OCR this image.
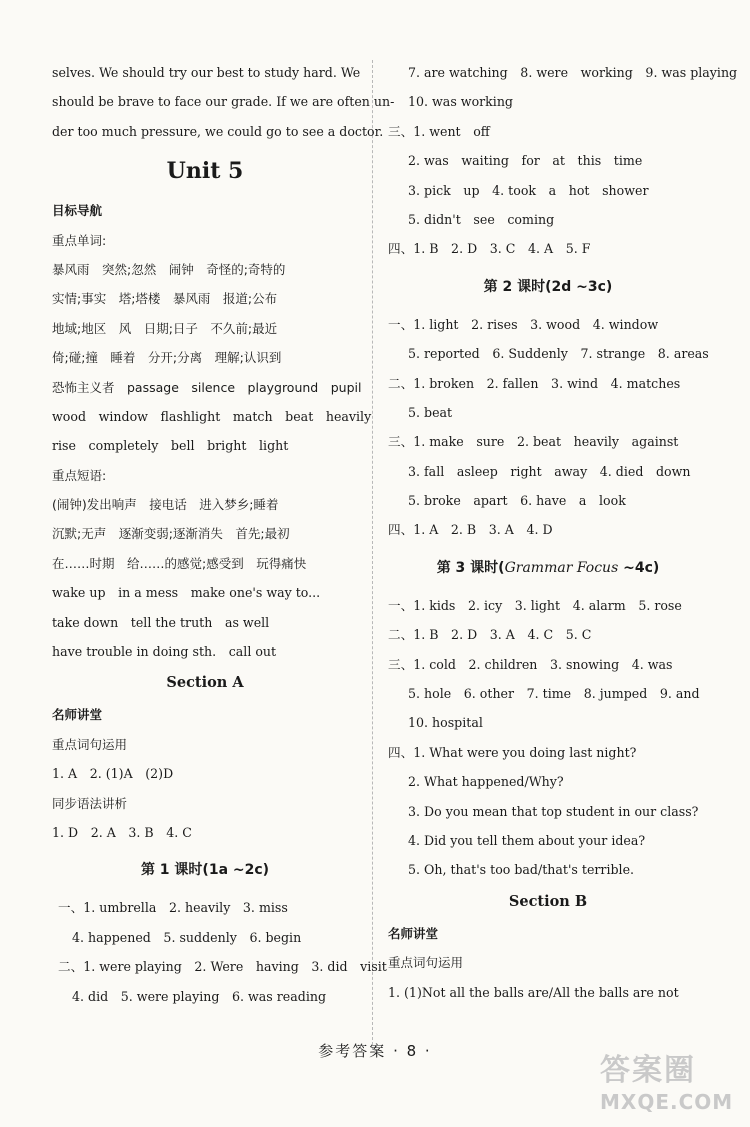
selves. We should try our best to study hard. We
should be brave to face our grade. If we are often un-
der too much pressure, we could go to see a doctor.
Unit 5
目标导航
重点单词:
暴风雨　突然;忽然　闹钟　奇怪的;奇特的
实情;事实　塔;塔楼　暴风雨　报道;公布
地域;地区　风　日期;日子　不久前;最近
倚;碰;撞　睡着　分开;分离　理解;认识到
恐怖主义者　passage　silence　playground　pupil
wood　window　flashlight　match　beat　heavily
rise　completely　bell　bright　light
重点短语:
(闹钟)发出响声　接电话　进入梦乡;睡着
沉默;无声　逐渐变弱;逐渐消失　首先;最初
在……时期　给……的感觉;感受到　玩得痛快
wake up　in a mess　make one's way to...
take down　tell the truth　as well
have trouble in doing sth.　call out
Section A
名师讲堂
重点词句运用
1. A　2. (1)A　(2)D
同步语法讲析
1. D　2. A　3. B　4. C
第 1 课时(1a ~2c)
一、1. umbrella　2. heavily　3. miss
4. happened　5. suddenly　6. begin
二、1. were playing　2. Were　having　3. did　visit
4. did　5. were playing　6. was reading
7. are watching　8. were　working　9. was playing
10. was working
三、1. went　off
2. was　waiting　for　at　this　time
3. pick　up　4. took　a　hot　shower
5. didn't　see　coming
四、1. B　2. D　3. C　4. A　5. F
第 2 课时(2d ~3c)
一、1. light　2. rises　3. wood　4. window
5. reported　6. Suddenly　7. strange　8. areas
二、1. broken　2. fallen　3. wind　4. matches
5. beat
三、1. make　sure　2. beat　heavily　against
3. fall　asleep　right　away　4. died　down
5. broke　apart　6. have　a　look
四、1. A　2. B　3. A　4. D
第 3 课时(Grammar Focus ~4c)
一、1. kids　2. icy　3. light　4. alarm　5. rose
二、1. B　2. D　3. A　4. C　5. C
三、1. cold　2. children　3. snowing　4. was
5. hole　6. other　7. time　8. jumped　9. and
10. hospital
四、1. What were you doing last night?
2. What happened/Why?
3. Do you mean that top student in our class?
4. Did you tell them about your idea?
5. Oh, that's too bad/that's terrible.
Section B
名师讲堂
重点词句运用
1. (1)Not all the balls are/All the balls are not
参考答案 · 8 ·
答案圈
MXQE.COM
